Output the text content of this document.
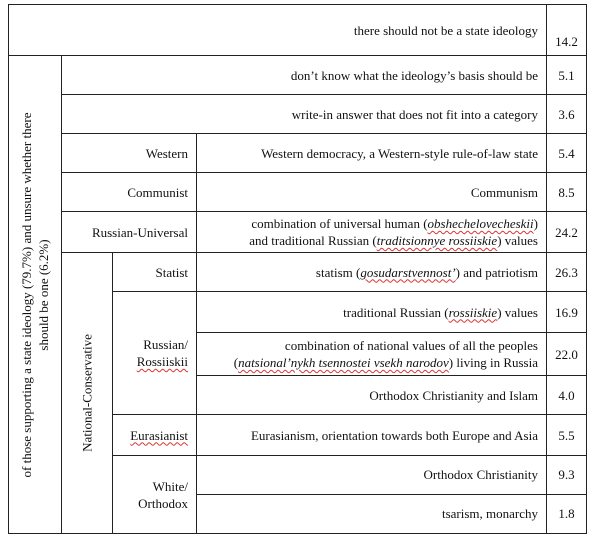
there should not be a state ideology				14.2

of those supporting a state ideology (79.7%) and unsure whether there should be one (6.2%)	don’t know what the ideology’s basis should be			5.1
	write-in answer that does not fit into a category			3.6
	Western		Western democracy, a Western-style rule-of-law state	5.4
	Communist		Communism	8.5
	Russian-Universal		combination of universal human (obshechelovecheskii)
and traditional Russian (traditsionnye rossiiskie) values	24.2

	National-Conservative	Statist	statism (gosudarstvennost’) and patriotism	26.3
		Russian/
Rossiiskii	traditional Russian (rossiiskie) values	16.9
			combination of national values of all the peoples
(natsional’nykh tsennostei vsekh narodov) living in Russia	22.0
			Orthodox Christianity and Islam	4.0
		Eurasianist	Eurasianism, orientation towards both Europe and Asia	5.5
		White/
Orthodox	Orthodox Christianity	9.3
			tsarism, monarchy	1.8
